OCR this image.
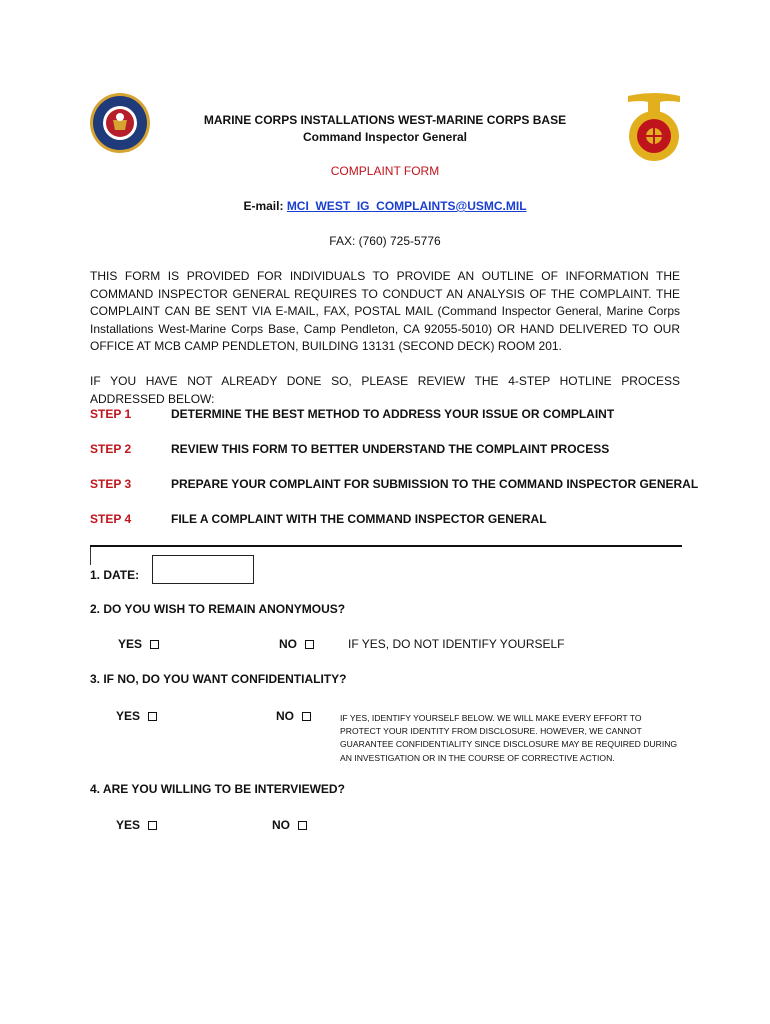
MARINE CORPS INSTALLATIONS WEST-MARINE CORPS BASE
Command Inspector General
COMPLAINT FORM
E-mail: MCI_WEST_IG_COMPLAINTS@USMC.MIL
FAX: (760) 725-5776
THIS FORM IS PROVIDED FOR INDIVIDUALS TO PROVIDE AN OUTLINE OF INFORMATION THE COMMAND INSPECTOR GENERAL REQUIRES TO CONDUCT AN ANALYSIS OF THE COMPLAINT. THE COMPLAINT CAN BE SENT VIA E-MAIL, FAX, POSTAL MAIL (Command Inspector General, Marine Corps Installations West-Marine Corps Base, Camp Pendleton, CA 92055-5010) OR HAND DELIVERED TO OUR OFFICE AT MCB CAMP PENDLETON, BUILDING 13131 (SECOND DECK) ROOM 201.
IF YOU HAVE NOT ALREADY DONE SO, PLEASE REVIEW THE 4-STEP HOTLINE PROCESS ADDRESSED BELOW:
STEP 1	DETERMINE THE BEST METHOD TO ADDRESS YOUR ISSUE OR COMPLAINT
STEP 2	REVIEW THIS FORM TO BETTER UNDERSTAND THE COMPLAINT PROCESS
STEP 3	PREPARE YOUR COMPLAINT FOR SUBMISSION TO THE COMMAND INSPECTOR GENERAL
STEP 4	FILE A COMPLAINT WITH THE COMMAND INSPECTOR GENERAL
1. DATE:
2. DO YOU WISH TO REMAIN ANONYMOUS?
YES	NO	IF YES, DO NOT IDENTIFY YOURSELF
3. IF NO, DO YOU WANT CONFIDENTIALITY?
YES	NO	IF YES, IDENTIFY YOURSELF BELOW. WE WILL MAKE EVERY EFFORT TO PROTECT YOUR IDENTITY FROM DISCLOSURE. HOWEVER, WE CANNOT GUARANTEE CONFIDENTIALITY SINCE DISCLOSURE MAY BE REQUIRED DURING AN INVESTIGATION OR IN THE COURSE OF CORRECTIVE ACTION.
4. ARE YOU WILLING TO BE INTERVIEWED?
YES	NO
